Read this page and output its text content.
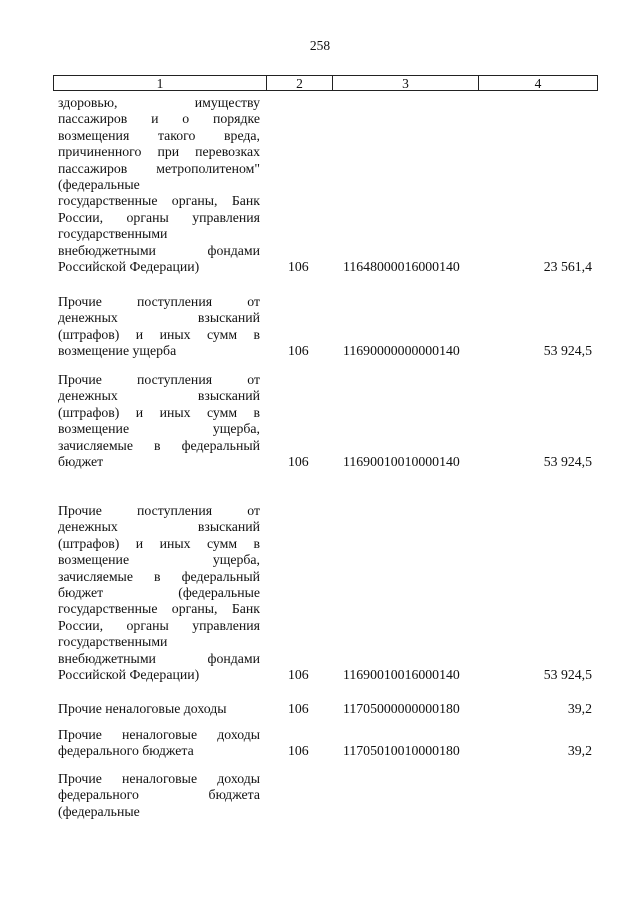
258
1	2	3	4
здоровью, имуществу
пассажиров и о порядке
возмещения такого вреда,
причиненного при перевозках
пассажиров метрополитеном"
(федеральные
государственные органы, Банк
России, органы управления
государственными
внебюджетными фондами
Российской Федерации)	106	11648000016000140	23 561,4
Прочие поступления от
денежных взысканий
(штрафов) и иных сумм в
возмещение ущерба	106	11690000000000140	53 924,5
Прочие поступления от
денежных взысканий
(штрафов) и иных сумм в
возмещение ущерба,
зачисляемые в федеральный
бюджет	106	11690010010000140	53 924,5
Прочие поступления от
денежных взысканий
(штрафов) и иных сумм в
возмещение ущерба,
зачисляемые в федеральный
бюджет (федеральные
государственные органы, Банк
России, органы управления
государственными
внебюджетными фондами
Российской Федерации)	106	11690010016000140	53 924,5
Прочие неналоговые доходы	106	11705000000000180	39,2
Прочие неналоговые доходы
федерального бюджета	106	11705010010000180	39,2
Прочие неналоговые доходы
федерального бюджета
(федеральные
